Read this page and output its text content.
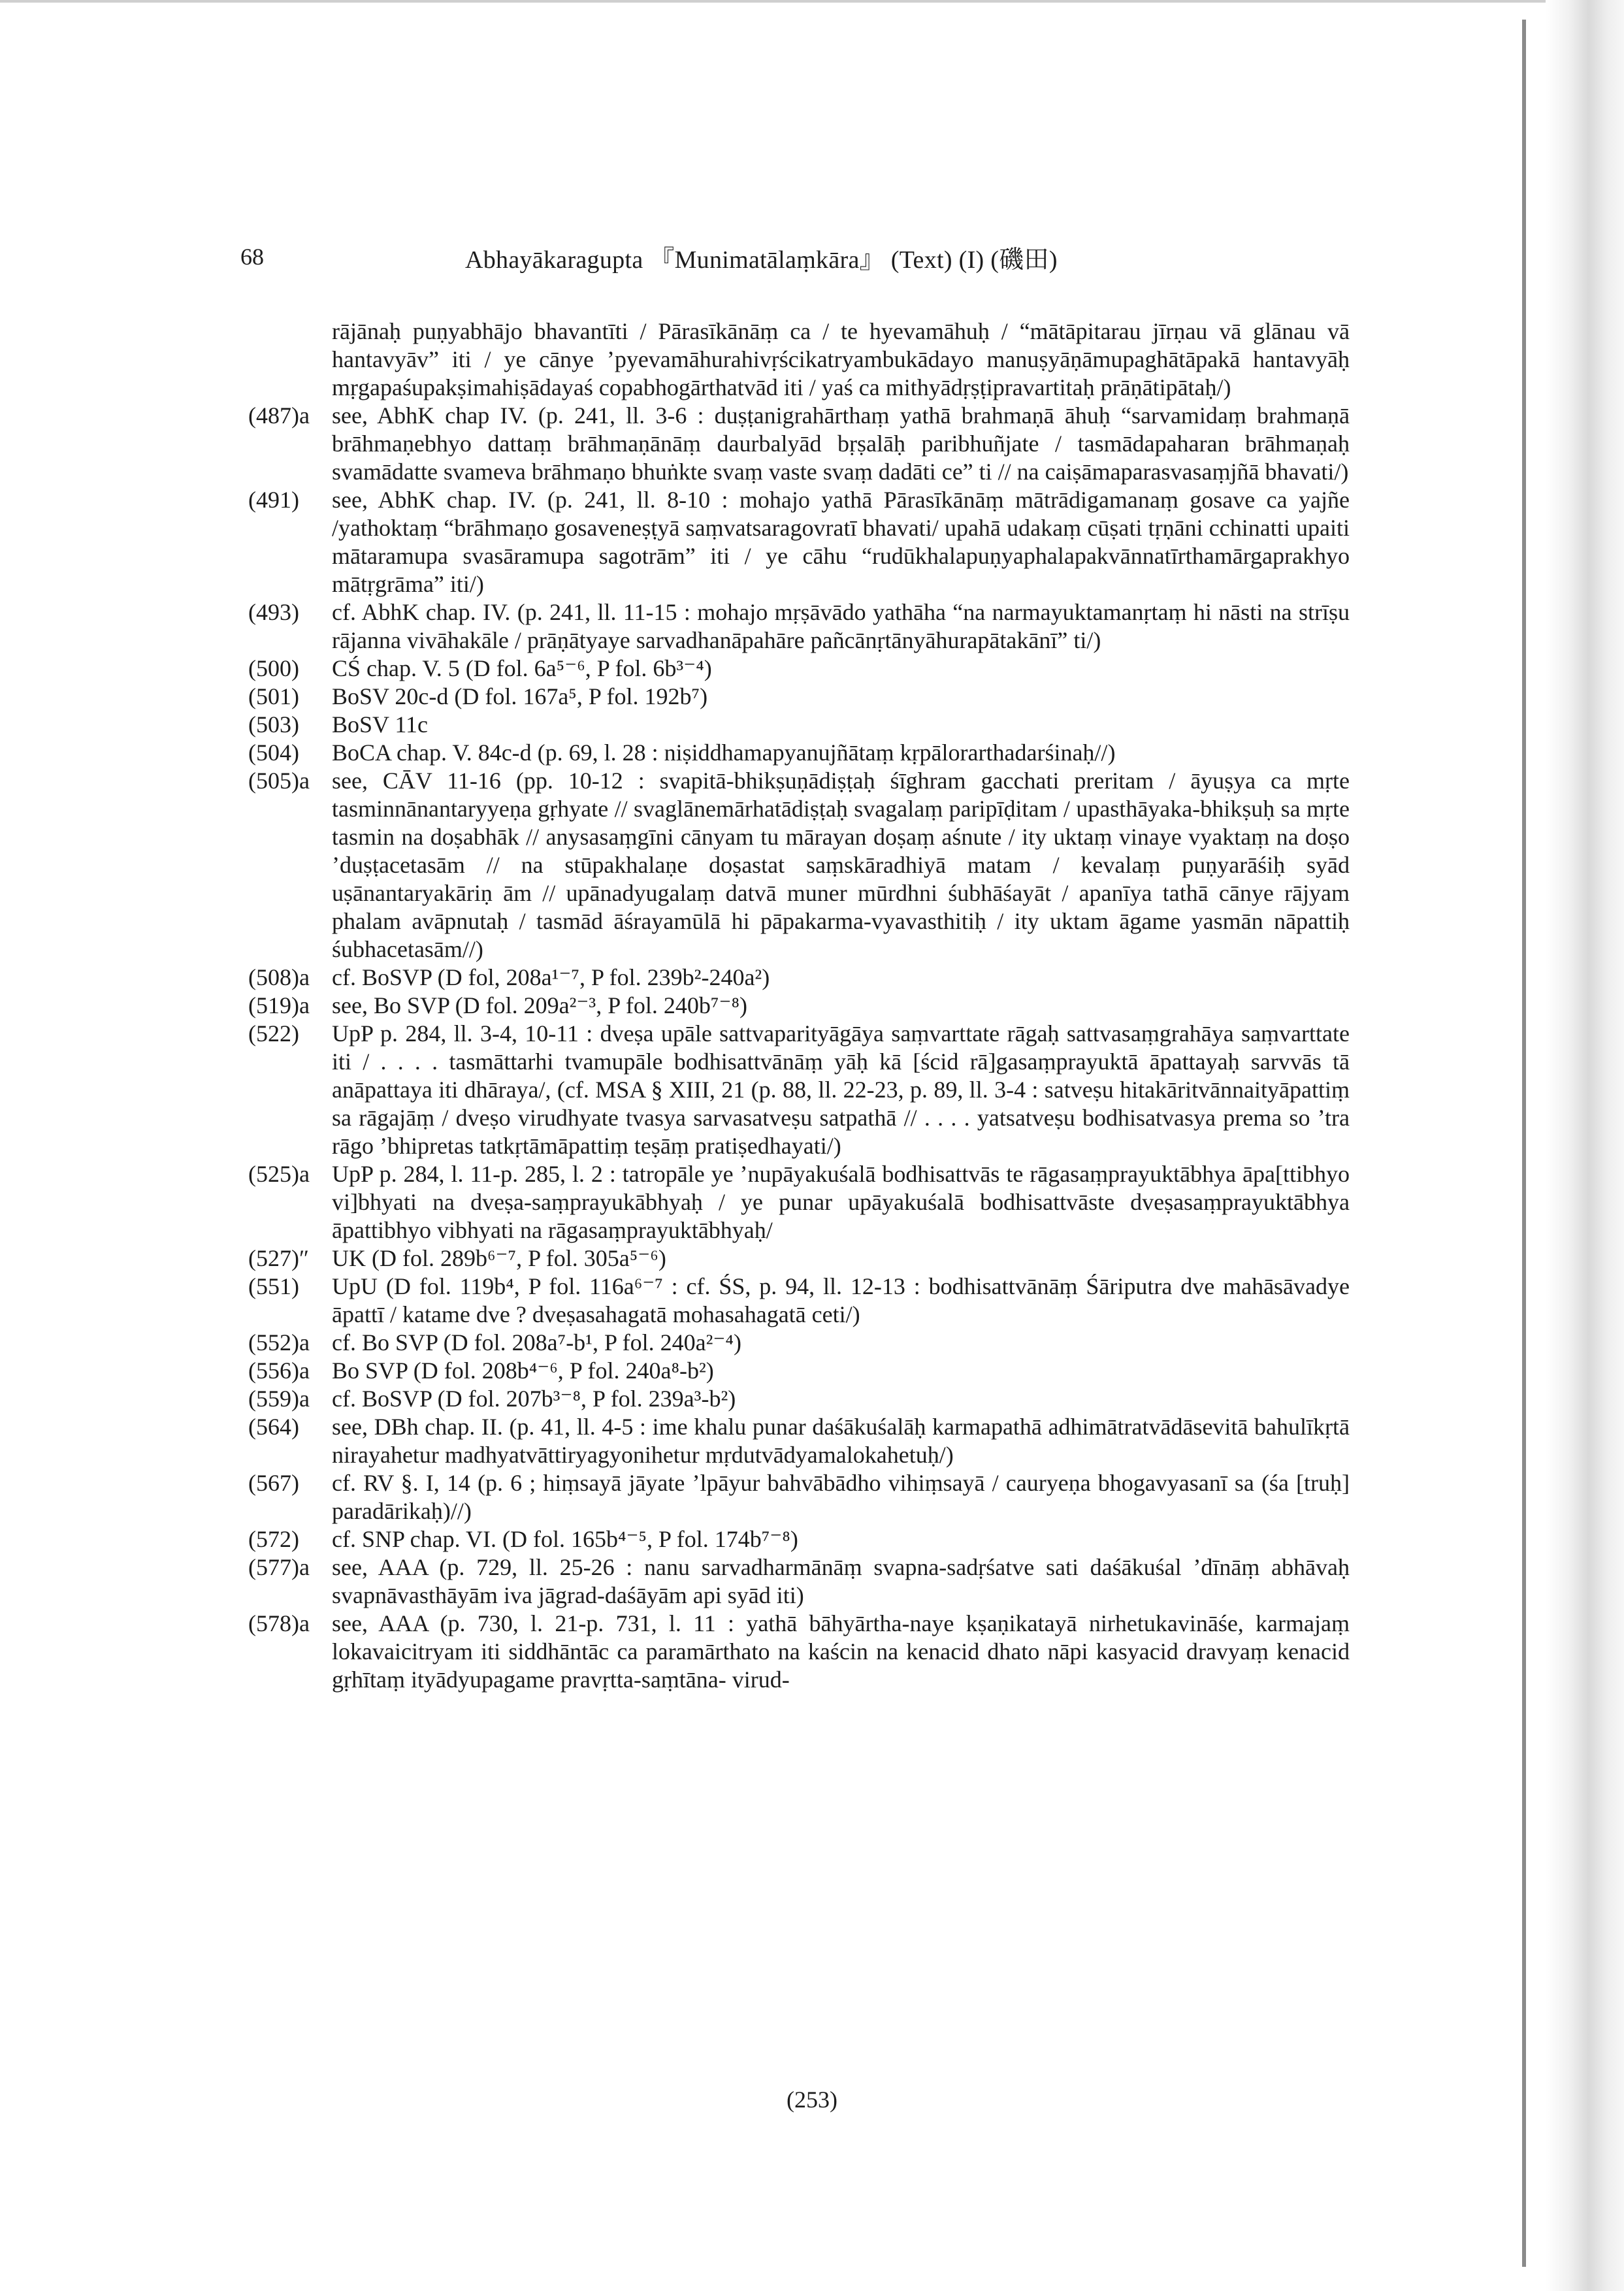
68	Abhayākaragupta 『Munimatālaṃkāra』 (Text) (I) (磯田)
rājānaḥ puṇyabhājo bhavantīti / Pārasīkānāṃ ca / te hyevamāhuḥ / “mātāpitarau jīrṇau vā glānau vā hantavyāv” iti / ye cānye ’pyevamāhurahivṛścikatryambukādayo manuṣyāṇāmupaghātāpakā hantavyāḥ mṛgapaśupakṣimahiṣādayaś copabhogārthatvād iti / yaś ca mithyādṛṣṭipravartitaḥ prāṇātipātaḥ/)
(487)a see, AbhK chap IV. (p. 241, ll. 3-6 : duṣṭanigrahārthaṃ yathā brahmaṇā āhuḥ “sarvamidaṃ brahmaṇā brāhmaṇebhyo dattaṃ brāhmaṇānāṃ daurbalyād bṛṣalāḥ paribhuñjate / tasmādapaharan brāhmaṇaḥ svamādatte svameva brāhmaṇo bhuṅkte svaṃ vaste svaṃ dadāti ce” ti // na caiṣāmaparasvasaṃjñā bhavati/)
(491)	see, AbhK chap. IV. (p. 241, ll. 8-10 : mohajo yathā Pārasīkānāṃ mātrādigamanaṃ gosave ca yajñe /yathoktaṃ “brāhmaṇo gosaveneṣṭyā saṃvatsaragovratī bhavati/ upahā udakaṃ cūṣati tṛṇāni cchinatti upaiti mātaramupa svasāramupa sagotrām” iti / ye cāhu “rudūkhalapuṇyaphalapakvānnatīrthamārgaprakhyo mātṛgrāma” iti/)
(493)	cf. AbhK chap. IV. (p. 241, ll. 11-15 : mohajo mṛṣāvādo yathāha “na narmayuktamanṛtaṃ hi nāsti na strīṣu rājanna vivāhakāle / prāṇātyaye sarvadhanāpahāre pañcānṛtānyāhurapātakānī” ti/)
(500)	CŚ chap. V. 5 (D fol. 6a⁵⁻⁶, P fol. 6b³⁻⁴)
(501)	BoSV 20c-d (D fol. 167a⁵, P fol. 192b⁷)
(503)	BoSV 11c
(504)	BoCA chap. V. 84c-d (p. 69, l. 28 : niṣiddhamapyanujñātaṃ kṛpālorarthadarśinaḥ//)
(505)a see, CĀV 11-16 (pp. 10-12 : svapitā-bhikṣuṇādiṣṭaḥ śīghram gacchati preritam / āyuṣya ca mṛte tasminnānantaryyeṇa gṛhyate // svaglānemārhatādiṣṭaḥ svagalaṃ paripīḍitam / upasthāyaka-bhikṣuḥ sa mṛte tasmin na doṣabhāk // anysasaṃgīni cānyam tu mārayan doṣaṃ aśnute / ity uktaṃ vinaye vyaktaṃ na doṣo ’duṣṭacetasām // na stūpakhalaṇe doṣastat saṃskāradhiyā matam / kevalaṃ puṇyarāśiḥ syād uṣānantaryakāriṇ ām // upānadyugalaṃ datvā muner mūrdhni śubhāśayāt / apanīya tathā cānye rājyam phalam avāpnutaḥ / tasmād āśrayamūlā hi pāpakarma-vyavasthitiḥ / ity uktam āgame yasmān nāpattiḥ śubhacetasām//)
(508)a cf. BoSVP (D fol, 208a¹⁻⁷, P fol. 239b²-240a²)
(519)a see, Bo SVP (D fol. 209a²⁻³, P fol. 240b⁷⁻⁸)
(522)	UpP p. 284, ll. 3-4, 10-11 : dveṣa upāle sattvaparityāgāya saṃvarttate rāgaḥ sattvasaṃgrahāya saṃvarttate iti / . . . . tasmāttarhi tvamupāle bodhisattvānāṃ yāḥ kā [ścid rā]gasaṃprayuktā āpattayaḥ sarvvās tā anāpattaya iti dhāraya/, (cf. MSA § XIII, 21 (p. 88, ll. 22-23, p. 89, ll. 3-4 : satveṣu hitakāritvānnaityāpattiṃ sa rāgajāṃ / dveṣo virudhyate tvasya sarvasatveṣu satpathā // . . . . yatsatveṣu bodhisatvasya prema so ’tra rāgo ’bhipretas tatkṛtāmāpattiṃ teṣāṃ pratiṣedhayati/)
(525)a UpP p. 284, l. 11-p. 285, l. 2 : tatropāle ye ’nupāyakuśalā bodhisattvās te rāgasaṃprayuktābhya āpa[ttibhyo vi]bhyati na dveṣa-saṃprayukābhyaḥ / ye punar upāyakuśalā bodhisattvāste dveṣasaṃprayuktābhya āpattibhyo vibhyati na rāgasaṃprayuktābhyaḥ/
(527)″ UK (D fol. 289b⁶⁻⁷, P fol. 305a⁵⁻⁶)
(551)	UpU (D fol. 119b⁴, P fol. 116a⁶⁻⁷ : cf. ŚS, p. 94, ll. 12-13 : bodhisattvānāṃ Śāriputra dve mahāsāvadye āpattī / katame dve ? dveṣasahagatā mohasahagatā ceti/)
(552)a cf. Bo SVP (D fol. 208a⁷-b¹, P fol. 240a²⁻⁴)
(556)a Bo SVP (D fol. 208b⁴⁻⁶, P fol. 240a⁸-b²)
(559)a cf. BoSVP (D fol. 207b³⁻⁸, P fol. 239a³-b²)
(564)	see, DBh chap. II. (p. 41, ll. 4-5 : ime khalu punar daśākuśalāḥ karmapathā adhimātratvādāsevitā bahulīkṛtā nirayahetur madhyatvāttiryagyonihetur mṛdutvādyamalokahetuḥ/)
(567)	cf. RV §. I, 14 (p. 6 ; hiṃsayā jāyate ’lpāyur bahvābādho vihiṃsayā / cauryeṇa bhogavyasanī sa (śa [truḥ] paradārikaḥ)//)
(572)	cf. SNP chap. VI. (D fol. 165b⁴⁻⁵, P fol. 174b⁷⁻⁸)
(577)a see, AAA (p. 729, ll. 25-26 : nanu sarvadharmānāṃ svapna-sadṛśatve sati daśākuśal ’dīnāṃ abhāvaḥ svapnāvasthāyām iva jāgrad-daśāyām api syād iti)
(578)a see, AAA (p. 730, l. 21-p. 731, l. 11 : yathā bāhyārtha-naye kṣaṇikatayā nirhetukavināśe, karmajaṃ lokavaicitryam iti siddhāntāc ca paramārthato na kaścin na kenacid dhato nāpi kasyacid dravyaṃ kenacid gṛhītaṃ ityādyupagame pravṛtta-saṃtāna- virud-
(253)
